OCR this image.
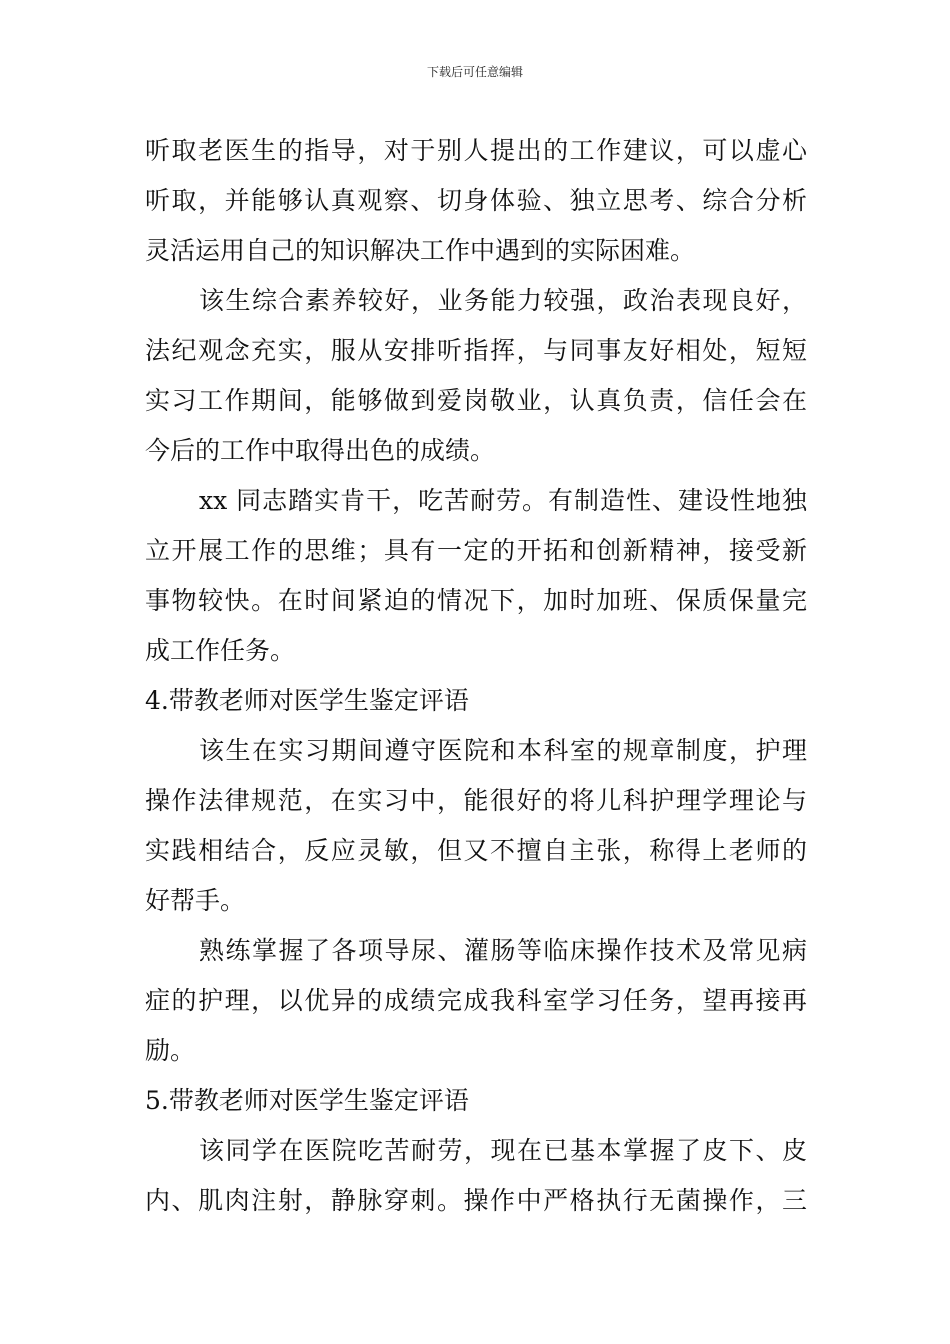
下载后可任意编辑
听取老医生的指导，对于别人提出的工作建议，可以虚心
听取，并能够认真观察、切身体验、独立思考、综合分析
灵活运用自己的知识解决工作中遇到的实际困难。
该生综合素养较好，业务能力较强，政治表现良好，
法纪观念充实，服从安排听指挥，与同事友好相处，短短
实习工作期间，能够做到爱岗敬业，认真负责，信任会在
今后的工作中取得出色的成绩。
xx 同志踏实肯干，吃苦耐劳。有制造性、建设性地独
立开展工作的思维；具有一定的开拓和创新精神，接受新
事物较快。在时间紧迫的情况下，加时加班、保质保量完
成工作任务。
4.带教老师对医学生鉴定评语
该生在实习期间遵守医院和本科室的规章制度，护理
操作法律规范，在实习中，能很好的将儿科护理学理论与
实践相结合，反应灵敏，但又不擅自主张，称得上老师的
好帮手。
熟练掌握了各项导尿、灌肠等临床操作技术及常见病
症的护理，以优异的成绩完成我科室学习任务，望再接再
励。
5.带教老师对医学生鉴定评语
该同学在医院吃苦耐劳，现在已基本掌握了皮下、皮
内、肌肉注射，静脉穿刺。操作中严格执行无菌操作，三
